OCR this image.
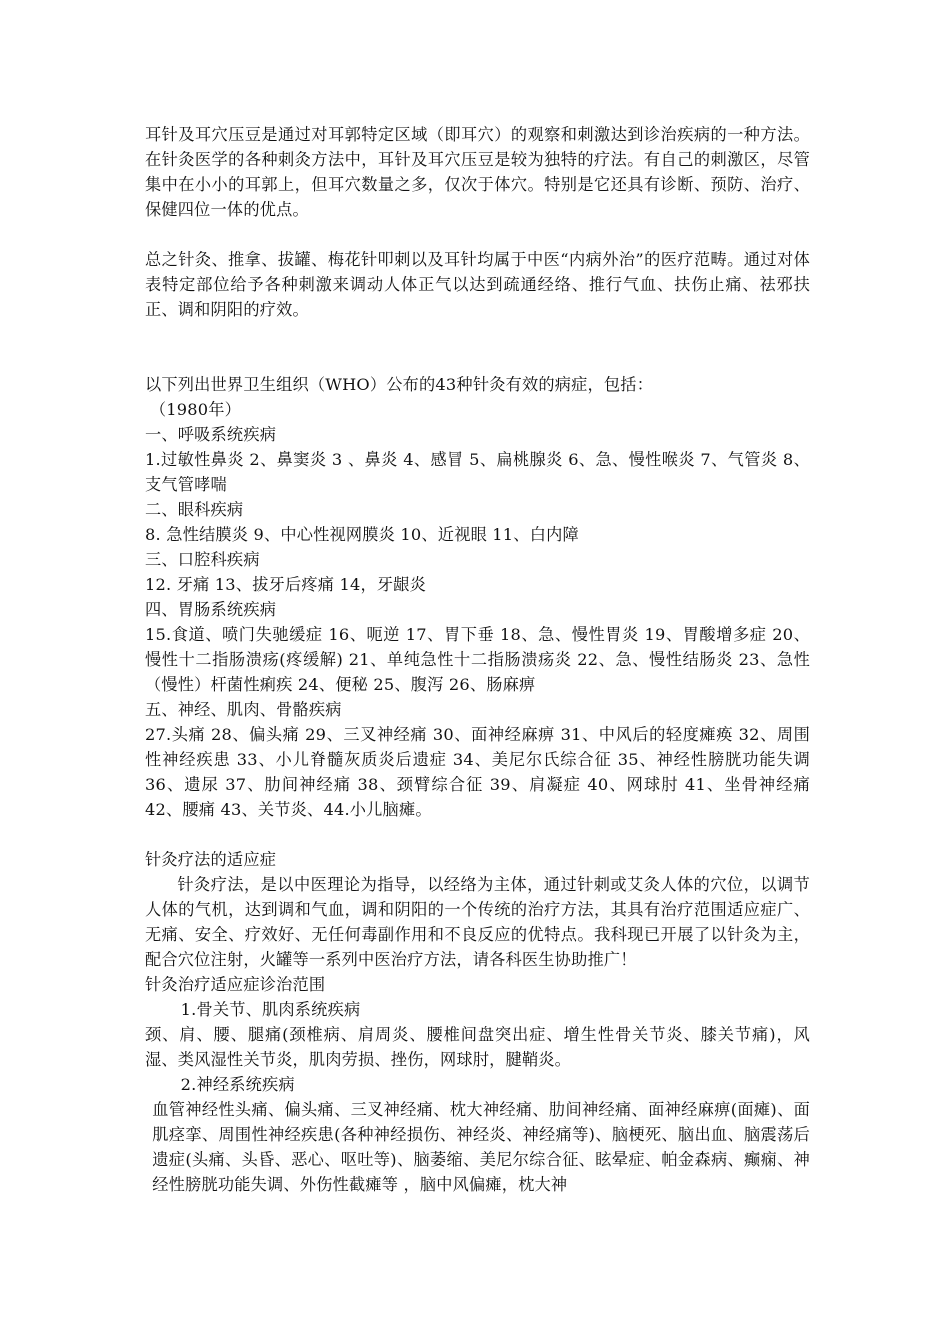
耳针及耳穴压豆是通过对耳郭特定区域（即耳穴）的观察和刺激达到诊治疾病的一种方法。在针灸医学的各种刺灸方法中，耳针及耳穴压豆是较为独特的疗法。有自己的刺激区，尽管集中在小小的耳郭上，但耳穴数量之多，仅次于体穴。特别是它还具有诊断、预防、治疗、保健四位一体的优点。

总之针灸、推拿、拔罐、梅花针叩刺以及耳针均属于中医“内病外治”的医疗范畴。通过对体表特定部位给予各种刺激来调动人体正气以达到疏通经络、推行气血、扶伤止痛、祛邪扶正、调和阴阳的疗效。

以下列出世界卫生组织（WHO）公布的43种针灸有效的病症，包括：

（1980年）

一、呼吸系统疾病

1.过敏性鼻炎 2、鼻窦炎 3 、鼻炎 4、感冒 5、扁桃腺炎 6、急、慢性喉炎 7、气管炎 8、支气管哮喘

二、眼科疾病

8. 急性结膜炎 9、中心性视网膜炎 10、近视眼 11、白内障

三、口腔科疾病

12. 牙痛 13、拔牙后疼痛 14，牙龈炎

四、胃肠系统疾病

15.食道、喷门失驰缓症 16、呃逆 17、胃下垂 18、急、慢性胃炎 19、胃酸增多症 20、慢性十二指肠溃疡(疼缓解) 21、单纯急性十二指肠溃疡炎 22、急、慢性结肠炎 23、急性（慢性）杆菌性痢疾 24、便秘 25、腹泻 26、肠麻痹

五、神经、肌肉、骨骼疾病

27.头痛 28、偏头痛 29、三叉神经痛 30、面神经麻痹 31、中风后的轻度瘫痪 32、周围性神经疾患 33、小儿脊髓灰质炎后遗症 34、美尼尔氏综合征 35、神经性膀胱功能失调 36、遗尿 37、肋间神经痛 38、颈臂综合征 39、肩凝症 40、网球肘 41、坐骨神经痛 42、腰痛 43、关节炎、44.小儿脑瘫。

针灸疗法的适应症

针灸疗法，是以中医理论为指导，以经络为主体，通过针刺或艾灸人体的穴位，以调节人体的气机，达到调和气血，调和阴阳的一个传统的治疗方法，其具有治疗范围适应症广、无痛、安全、疗效好、无任何毒副作用和不良反应的优特点。我科现已开展了以针灸为主，配合穴位注射，火罐等一系列中医治疗方法，请各科医生协助推广！

针灸治疗适应症诊治范围

1.骨关节、肌肉系统疾病

颈、肩、腰、腿痛(颈椎病、肩周炎、腰椎间盘突出症、增生性骨关节炎、膝关节痛)，风湿、类风湿性关节炎，肌肉劳损、挫伤，网球肘，腱鞘炎。

2.神经系统疾病

血管神经性头痛、偏头痛、三叉神经痛、枕大神经痛、肋间神经痛、面神经麻痹(面瘫)、面肌痉挛、周围性神经疾患(各种神经损伤、神经炎、神经痛等)、脑梗死、脑出血、脑震荡后遗症(头痛、头昏、恶心、呕吐等)、脑萎缩、美尼尔综合征、眩晕症、帕金森病、癫痫、神经性膀胱功能失调、外伤性截瘫等 ，脑中风偏瘫，枕大神
